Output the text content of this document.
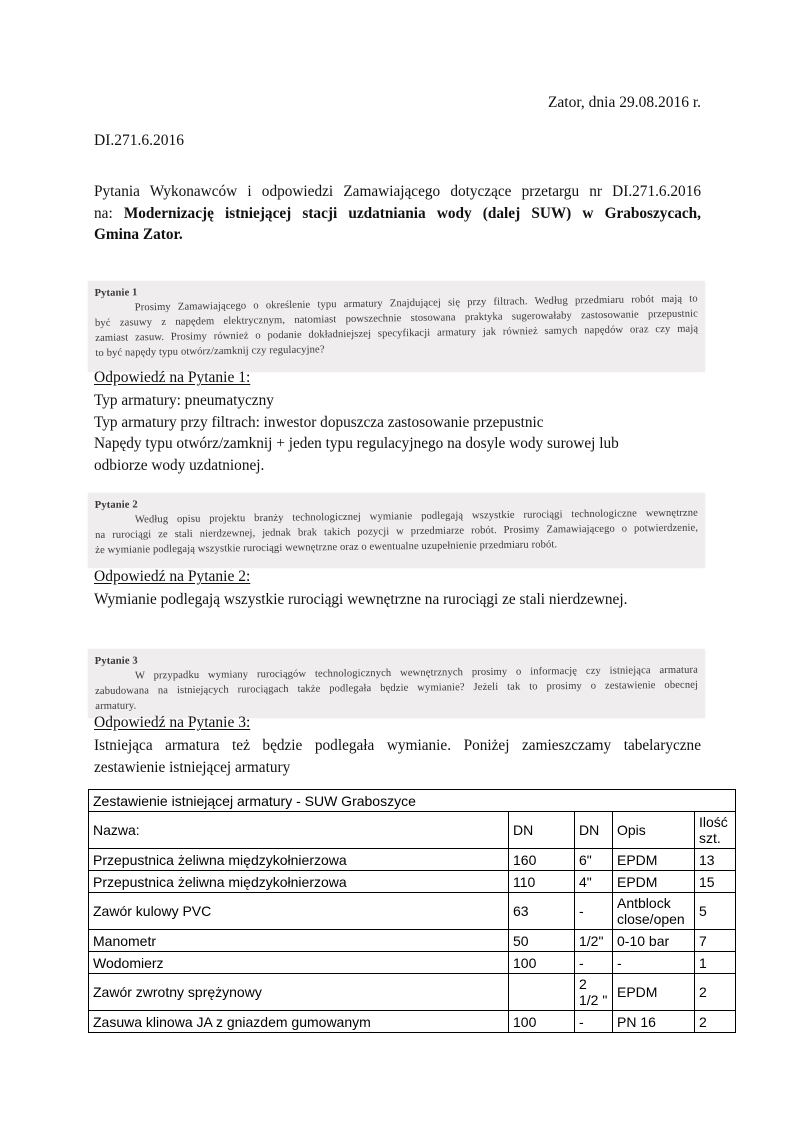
Zator, dnia 29.08.2016 r.
DI.271.6.2016
Pytania Wykonawców i odpowiedzi Zamawiającego dotyczące przetargu nr DI.271.6.2016
na: Modernizację istniejącej stacji uzdatniania wody (dalej SUW) w Graboszycach,
Gmina Zator.
Pytanie 1
Prosimy Zamawiającego o określenie typu armatury Znajdującej się przy filtrach. Według przedmiaru robót mają to
być zasuwy z napędem elektrycznym, natomiast powszechnie stosowana praktyka sugerowałaby zastosowanie przepustnic
zamiast zasuw. Prosimy również o podanie dokładniejszej specyfikacji armatury jak również samych napędów oraz czy mają
to być napędy typu otwórz/zamknij czy regulacyjne?
Odpowiedź na Pytanie 1:
Typ armatury: pneumatyczny
Typ armatury przy filtrach: inwestor dopuszcza zastosowanie przepustnic
Napędy typu otwórz/zamknij + jeden typu regulacyjnego na dosyle wody surowej lub
odbiorze wody uzdatnionej.
Pytanie 2
Według opisu projektu branży technologicznej wymianie podlegają wszystkie rurociągi technologiczne wewnętrzne
na rurociągi ze stali nierdzewnej, jednak brak takich pozycji w przedmiarze robót. Prosimy Zamawiającego o potwierdzenie,
że wymianie podlegają wszystkie rurociągi wewnętrzne oraz o ewentualne uzupełnienie przedmiaru robót.
Odpowiedź na Pytanie 2:
Wymianie podlegają wszystkie rurociągi wewnętrzne na rurociągi ze stali nierdzewnej.
Pytanie 3
W przypadku wymiany rurociągów technologicznych wewnętrznych prosimy o informację czy istniejąca armatura
zabudowana na istniejących rurociągach także podlegała będzie wymianie? Jeżeli tak to prosimy o zestawienie obecnej
armatury.
Odpowiedź na Pytanie 3:
Istniejąca armatura też będzie podlegała wymianie. Poniżej zamieszczamy tabelaryczne
zestawienie istniejącej armatury
Zestawienie istniejącej armatury - SUW Graboszyce				
Nazwa:	DN	DN	Opis	Ilość szt.
Przepustnica żeliwna międzykołnierzowa	160	6"	EPDM	13
Przepustnica żeliwna międzykołnierzowa	110	4"	EPDM	15
Zawór kulowy PVC	63	-	Antblock close/open	5
Manometr	50	1/2"	0-10 bar	7
Wodomierz	100	-	-	1
Zawór zwrotny sprężynowy		2 1/2 "	EPDM	2
Zasuwa klinowa JA z gniazdem gumowanym	100	-	PN 16	2
